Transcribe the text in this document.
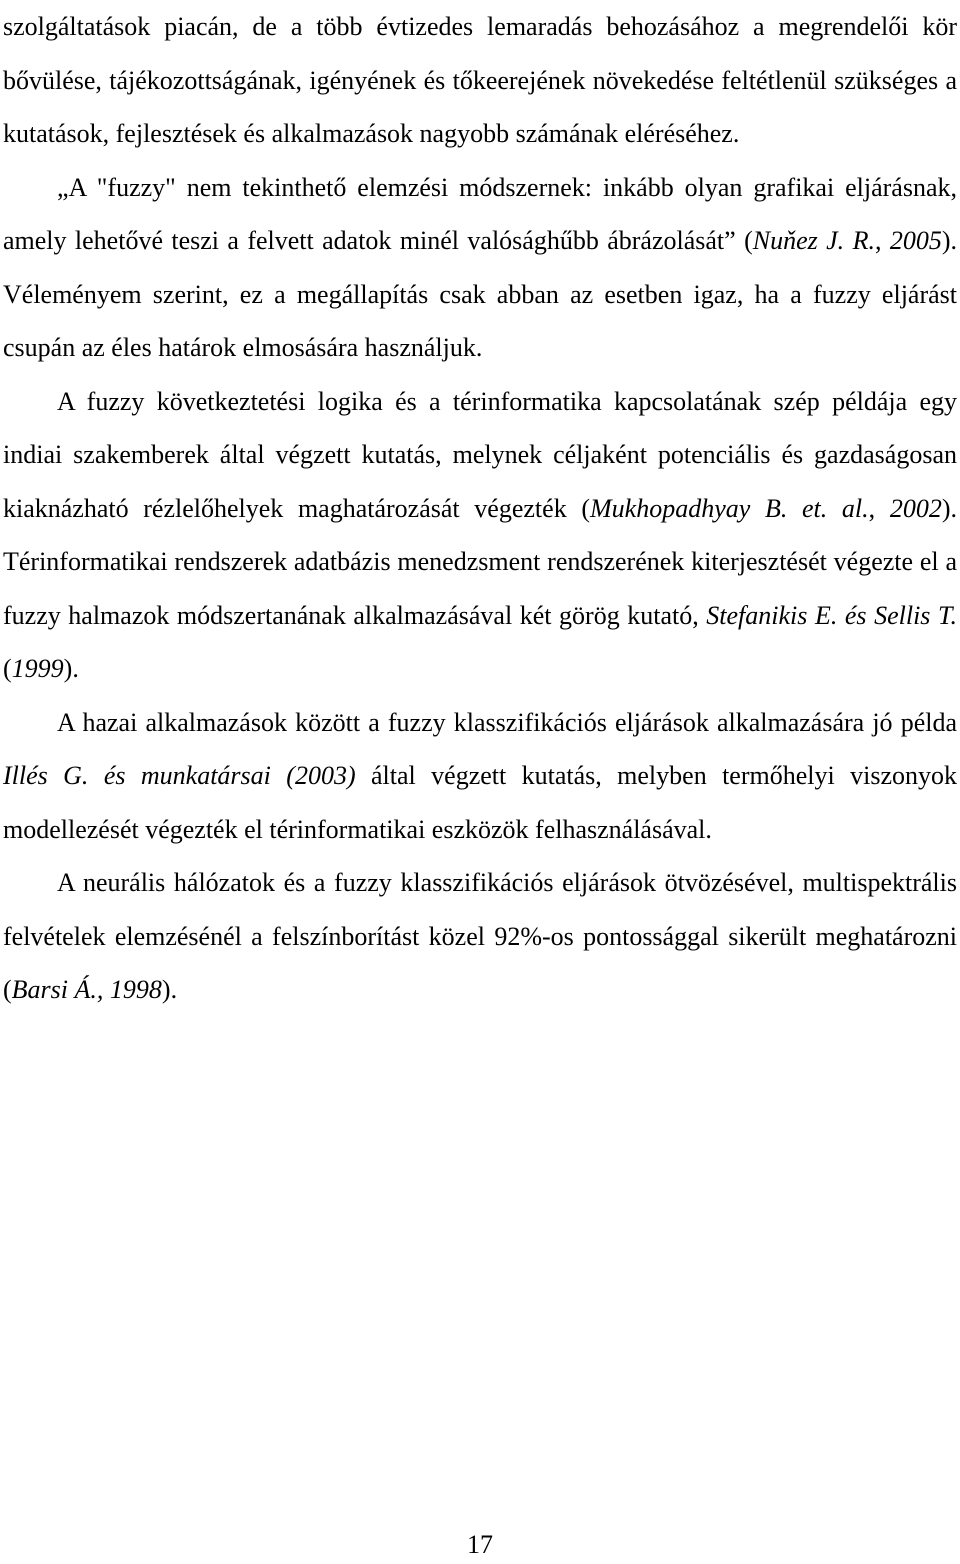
szolgáltatások piacán, de a több évtizedes lemaradás behozásához a megrendelői kör bővülése, tájékozottságának, igényének és tőkeerejének növekedése feltétlenül szükséges a kutatások, fejlesztések és alkalmazások nagyobb számának eléréséhez.

„A "fuzzy" nem tekinthető elemzési módszernek: inkább olyan grafikai eljárásnak, amely lehetővé teszi a felvett adatok minél valósághűbb ábrázolását” (Nuňez J. R., 2005). Véleményem szerint, ez a megállapítás csak abban az esetben igaz, ha a fuzzy eljárást csupán az éles határok elmosására használjuk.

A fuzzy következtetési logika és a térinformatika kapcsolatának szép példája egy indiai szakemberek által végzett kutatás, melynek céljaként potenciális és gazdaságosan kiaknázható rézlelőhelyek maghatározását végezték (Mukhopadhyay B. et. al., 2002). Térinformatikai rendszerek adatbázis menedzsment rendszerének kiterjesztését végezte el a fuzzy halmazok módszertanának alkalmazásával két görög kutató, Stefanikis E. és Sellis T. (1999).

A hazai alkalmazások között a fuzzy klasszifikációs eljárások alkalmazására jó példa Illés G. és munkatársai (2003) által végzett kutatás, melyben termőhelyi viszonyok modellezését végezték el térinformatikai eszközök felhasználásával.

A neurális hálózatok és a fuzzy klasszifikációs eljárások ötvözésével, multispektrális felvételek elemzésénél a felszínborítást közel 92%-os pontossággal sikerült meghatározni (Barsi Á., 1998).

17
